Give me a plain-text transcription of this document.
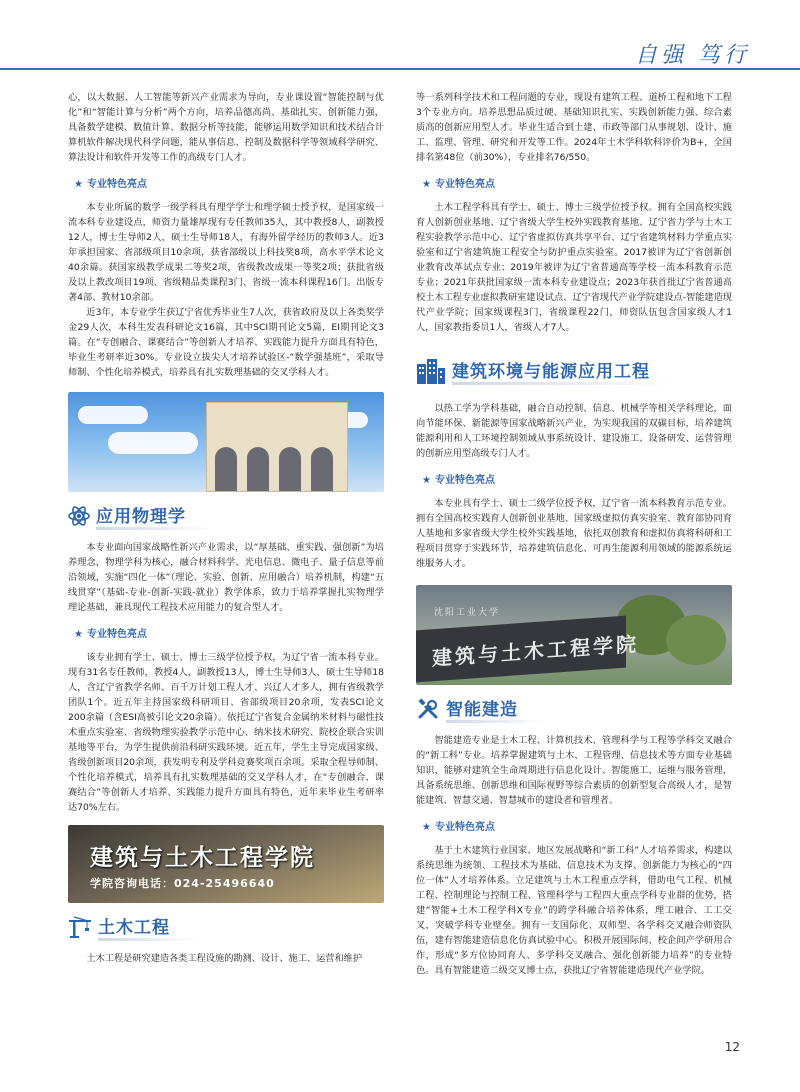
自强 笃行

心，以大数据、人工智能等新兴产业需求为导向，专业课设置“智能控制与优化”和“智能计算与分析”两个方向，培养品德高尚、基础扎实、创新能力强，具备数学建模、数值计算、数据分析等技能，能够运用数学知识和技术结合计算机软件解决现代科学问题，能从事信息、控制及数据科学等领域科学研究、算法设计和软件开发等工作的高级专门人才。

★ 专业特色亮点

本专业所属的数学一级学科具有理学学士和理学硕士授予权，是国家级一流本科专业建设点，师资力量雄厚现有专任教师35人，其中教授8人，副教授12人，博士生导师2人，硕士生导师18人，有海外留学经历的教师3人。近3年承担国家、省部级项目10余项，获省部级以上科技奖8项，高水平学术论文40余篇。获国家级教学成果二等奖2项，省级教改成果一等奖2项；获批省级及以上教改项目19项、省级精品类课程3门、省级一流本科课程16门。出版专著4部、教材10余部。

近3年，本专业学生获辽宁省优秀毕业生7人次，获省政府及以上各类奖学金29人次，本科生发表科研论文16篇，其中SCI期刊论文5篇，EI期刊论文3篇。在“专创融合、课赛结合”等创新人才培养、实践能力提升方面具有特色，毕业生考研率近30%。专业设立拔尖人才培养试验区-“数学强基班”，采取导师制、个性化培养模式，培养具有扎实数理基础的交叉学科人才。

应用物理学

本专业面向国家战略性新兴产业需求，以“厚基础、重实践、强创新”为培养理念，物理学科为核心，融合材料科学、光电信息、微电子、量子信息等前沿领域，实施“四化一体”（理论、实验、创新、应用融合）培养机制，构建“五线贯穿”（基础-专业-创新-实践-就业）教学体系，致力于培养掌握扎实物理学理论基础，兼具现代工程技术应用能力的复合型人才。

★ 专业特色亮点

该专业拥有学士、硕士、博士三级学位授予权，为辽宁省一流本科专业。现有31名专任教师，教授4人，副教授13人，博士生导师3人，硕士生导师18人，含辽宁省教学名师、百千万计划工程人才、兴辽人才多人，拥有省级教学团队1个。近五年主持国家级科研项目、省部级项目20余项，发表SCI论文200余篇（含ESI高被引论文20余篇）。依托辽宁省复合金属纳米材料与磁性技术重点实验室、省级物理实验教学示范中心、纳米技术研究、院校企联合实训基地等平台，为学生提供前沿科研实践环境。近五年，学生主导完成国家级、省级创新项目20余项，获发明专利及学科竞赛奖项百余项。采取全程导师制、个性化培养模式，培养具有扎实数理基础的交叉学科人才，在“专创融合、课赛结合”等创新人才培养、实践能力提升方面具有特色，近年来毕业生考研率达70%左右。

建筑与土木工程学院
学院咨询电话：024-25496640
土木工程

土木工程是研究建造各类工程设施的勘测、设计、施工、运营和维护

等一系列科学技术和工程问题的专业，现设有建筑工程、道桥工程和地下工程3个专业方向。培养思想品质过硬、基础知识扎实、实践创新能力强、综合素质高的创新应用型人才。毕业生适合到土建、市政等部门从事规划、设计、施工、监理、管理、研究和开发等工作。2024年土木学科软科评价为B+，全国排名第48位（前30%），专业排名76/550。

★ 专业特色亮点

土木工程学科具有学士、硕士、博士三级学位授予权。拥有全国高校实践育人创新创业基地、辽宁省级大学生校外实践教育基地、辽宁省力学与土木工程实验教学示范中心、辽宁省虚拟仿真共享平台、辽宁省建筑材料力学重点实验室和辽宁省建筑施工程安全与防护重点实验室。2017被评为辽宁省创新创业教育改革试点专业；2019年被评为辽宁省普通高等学校一流本科教育示范专业；2021年获批国家级一流本科专业建设点；2023年获首批辽宁省普通高校土木工程专业虚拟教研室建设试点、辽宁省现代产业学院建设点-智能建造现代产业学院；国家级课程3门，省级课程22门，师资队伍包含国家级人才1人，国家教指委员1人，省级人才7人。

建筑环境与能源应用工程

以热工学为学科基础，融合自动控制、信息、机械学等相关学科理论，面向节能环保、新能源等国家战略新兴产业，为实现我国的双碳目标，培养建筑能源利用和人工环境控制领域从事系统设计、建设施工、设备研发、运营管理的创新应用型高级专门人才。

★ 专业特色亮点

本专业具有学士、硕士二级学位授予权，辽宁省一流本科教育示范专业。拥有全国高校实践育人创新创业基地、国家级虚拟仿真实验室、教育部协同育人基地和多家省级大学生校外实践基地，依托双创教育和虚拟仿真将科研和工程项目贯穿于实践环节，培养建筑信息化、可再生能源利用领域的能源系统运维服务人才。

沈阳工业大学
建筑与土木工程学院
智能建造

智能建造专业是土木工程、计算机技术、管理科学与工程等学科交叉融合的“新工科”专业。培养掌握建筑与土木、工程管理、信息技术等方面专业基础知识，能够对建筑全生命周期进行信息化设计、智能施工、运维与服务管理，具备系统思维、创新思维和国际视野等综合素质的创新型复合高级人才，是智能建筑、智慧交通、智慧城市的建设者和管理者。

★ 专业特色亮点

基于土木建筑行业国家、地区发展战略和“新工科”人才培养需求，构建以系统思维为统领、工程技术为基础、信息技术为支撑、创新能力为核心的“四位一体”人才培养体系。立足建筑与土木工程重点学科，借助电气工程、机械工程、控制理论与控制工程、管理科学与工程四大重点学科专业群的优势，搭建“智能+土木工程学科X专业”的跨学科融合培养体系，理工融合、工工交叉，突破学科专业壁垒。拥有一支国际化、双师型、各学科交叉融合师资队伍，建有智能建造信息化仿真试验中心。积极开展国际间、校企间产学研用合作，形成“多方位协同育人、多学科交叉融合、强化创新能力培养”的专业特色。具有智能建造二级交叉博士点，获批辽宁省智能建造现代产业学院。

12
